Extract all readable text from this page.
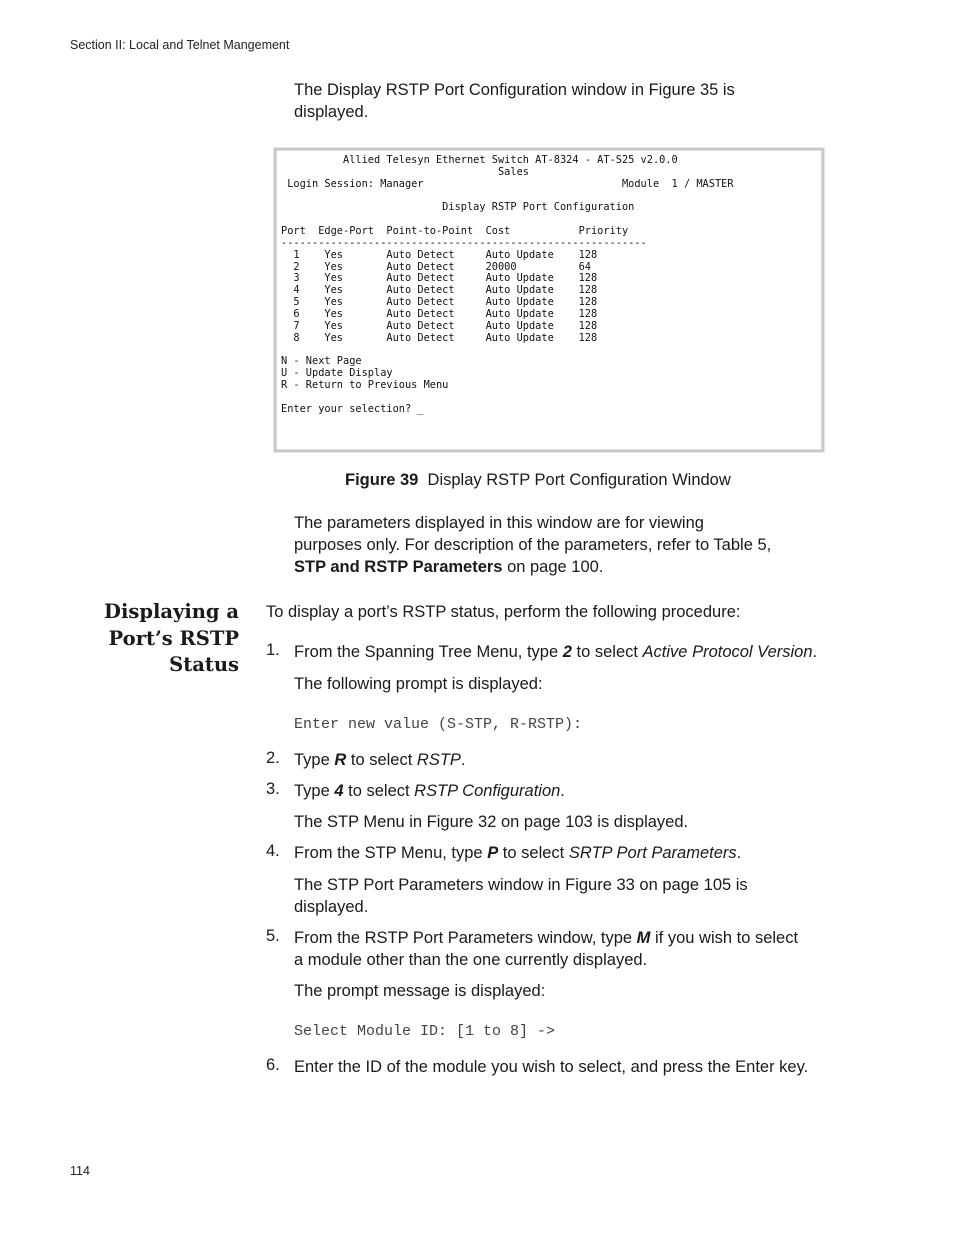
Section II: Local and Telnet Mangement
The Display RSTP Port Configuration window in Figure 35 is displayed.
Allied Telesyn Ethernet Switch AT-8324 - AT-S25 v2.0.0
Sales
Login Session: Manager                                Module  1 / MASTER

Display RSTP Port Configuration

Port  Edge-Port  Point-to-Point  Cost           Priority
-----------------------------------------------------------
1    Yes       Auto Detect     Auto Update    128
2    Yes       Auto Detect     20000          64
3    Yes       Auto Detect     Auto Update    128
4    Yes       Auto Detect     Auto Update    128
5    Yes       Auto Detect     Auto Update    128
6    Yes       Auto Detect     Auto Update    128
7    Yes       Auto Detect     Auto Update    128
8    Yes       Auto Detect     Auto Update    128

N - Next Page
U - Update Display
R - Return to Previous Menu

Enter your selection? _
Figure 39 Display RSTP Port Configuration Window
The parameters displayed in this window are for viewing
purposes only. For description of the parameters, refer to Table 5,
STP and RSTP Parameters on page 100.
Displaying a
Port’s RSTP
Status
To display a port’s RSTP status, perform the following procedure:
1. From the Spanning Tree Menu, type 2 to select Active Protocol Version.
The following prompt is displayed:
Enter new value (S-STP, R-RSTP):
2. Type R to select RSTP.
3. Type 4 to select RSTP Configuration.
The STP Menu in Figure 32 on page 103 is displayed.
4. From the STP Menu, type P to select SRTP Port Parameters.
The STP Port Parameters window in Figure 33 on page 105 is
displayed.
5. From the RSTP Port Parameters window, type M if you wish to select
a module other than the one currently displayed.
The prompt message is displayed:
Select Module ID: [1 to 8] ->
6. Enter the ID of the module you wish to select, and press the Enter key.
114
